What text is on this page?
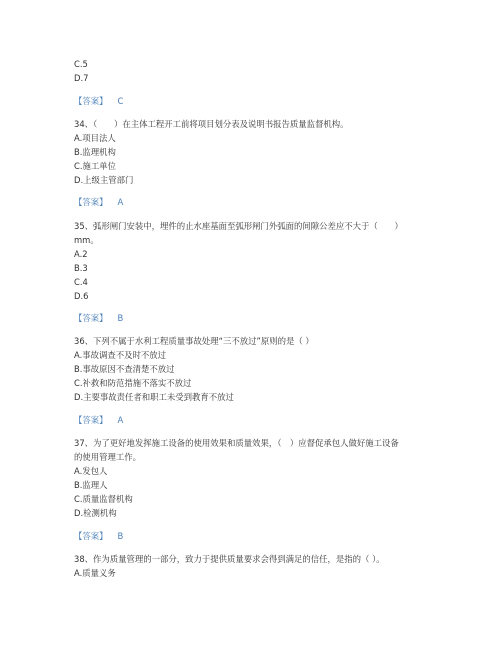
C.5
D.7
【答案】 C
34、（　　）在主体工程开工前将项目划分表及说明书报告质量监督机构。
A.项目法人
B.监理机构
C.施工单位
D.上级主管部门
【答案】 A
35、弧形闸门安装中，埋件的止水座基面至弧形闸门外弧面的间隙公差应不大于（　　）
mm。
A.2
B.3
C.4
D.6
【答案】 B
36、下列不属于水利工程质量事故处理“三不放过”原则的是（ ）
A.事故调查不及时不放过
B.事故原因不查清楚不放过
C.补救和防范措施不落实不放过
D.主要事故责任者和职工未受到教育不放过
【答案】 A
37、为了更好地发挥施工设备的使用效果和质量效果，（　）应督促承包人做好施工设备
的使用管理工作。
A.发包人
B.监理人
C.质量监督机构
D.检测机构
【答案】 B
38、作为质量管理的一部分，致力于提供质量要求会得到满足的信任，是指的（ ）。
A.质量义务
